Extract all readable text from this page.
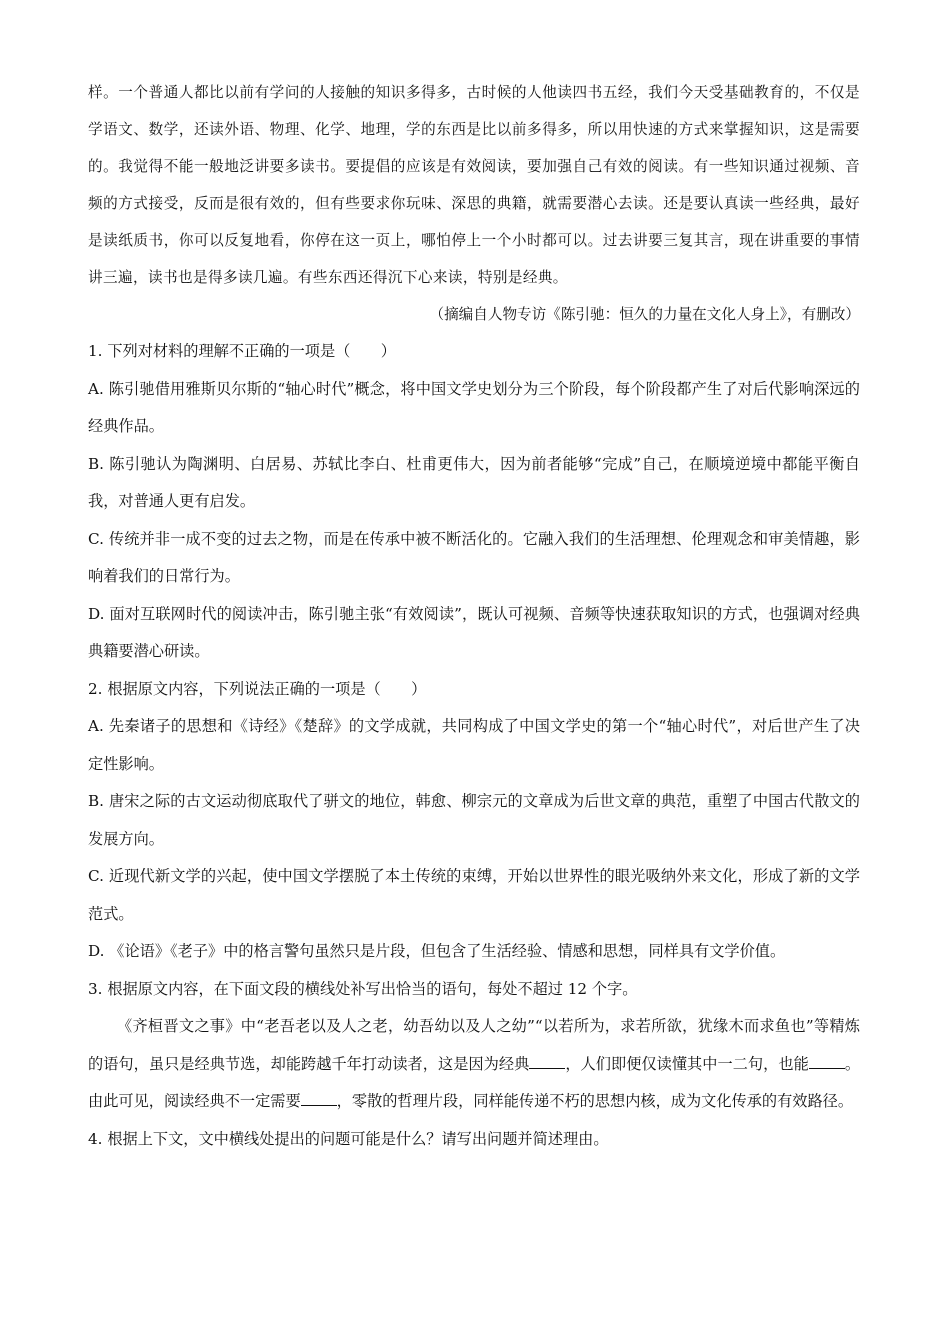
样。一个普通人都比以前有学问的人接触的知识多得多，古时候的人他读四书五经，我们今天受基础教育的，不仅是学语文、数学，还读外语、物理、化学、地理，学的东西是比以前多得多，所以用快速的方式来掌握知识，这是需要的。我觉得不能一般地泛讲要多读书。要提倡的应该是有效阅读，要加强自己有效的阅读。有一些知识通过视频、音频的方式接受，反而是很有效的，但有些要求你玩味、深思的典籍，就需要潜心去读。还是要认真读一些经典，最好是读纸质书，你可以反复地看，你停在这一页上，哪怕停上一个小时都可以。过去讲要三复其言，现在讲重要的事情讲三遍，读书也是得多读几遍。有些东西还得沉下心来读，特别是经典。

（摘编自人物专访《陈引驰：恒久的力量在文化人身上》，有删改）

1. 下列对材料的理解不正确的一项是（　　）

A. 陈引驰借用雅斯贝尔斯的“轴心时代”概念，将中国文学史划分为三个阶段，每个阶段都产生了对后代影响深远的经典作品。

B. 陈引驰认为陶渊明、白居易、苏轼比李白、杜甫更伟大，因为前者能够“完成”自己，在顺境逆境中都能平衡自我，对普通人更有启发。

C. 传统并非一成不变的过去之物，而是在传承中被不断活化的。它融入我们的生活理想、伦理观念和审美情趣，影响着我们的日常行为。

D. 面对互联网时代的阅读冲击，陈引驰主张“有效阅读”，既认可视频、音频等快速获取知识的方式，也强调对经典典籍要潜心研读。

2. 根据原文内容，下列说法正确的一项是（　　）

A. 先秦诸子的思想和《诗经》《楚辞》的文学成就，共同构成了中国文学史的第一个“轴心时代”，对后世产生了决定性影响。

B. 唐宋之际的古文运动彻底取代了骈文的地位，韩愈、柳宗元的文章成为后世文章的典范，重塑了中国古代散文的发展方向。

C. 近现代新文学的兴起，使中国文学摆脱了本土传统的束缚，开始以世界性的眼光吸纳外来文化，形成了新的文学范式。

D. 《论语》《老子》中的格言警句虽然只是片段，但包含了生活经验、情感和思想，同样具有文学价值。

3. 根据原文内容，在下面文段的横线处补写出恰当的语句，每处不超过 12 个字。

《齐桓晋文之事》中“老吾老以及人之老，幼吾幼以及人之幼”“以若所为，求若所欲，犹缘木而求鱼也”等精炼的语句，虽只是经典节选，却能跨越千年打动读者，这是因为经典 ，人们即便仅读懂其中一二句，也能 。由此可见，阅读经典不一定需要 ，零散的哲理片段，同样能传递不朽的思想内核，成为文化传承的有效路径。

4. 根据上下文，文中横线处提出的问题可能是什么？请写出问题并简述理由。
